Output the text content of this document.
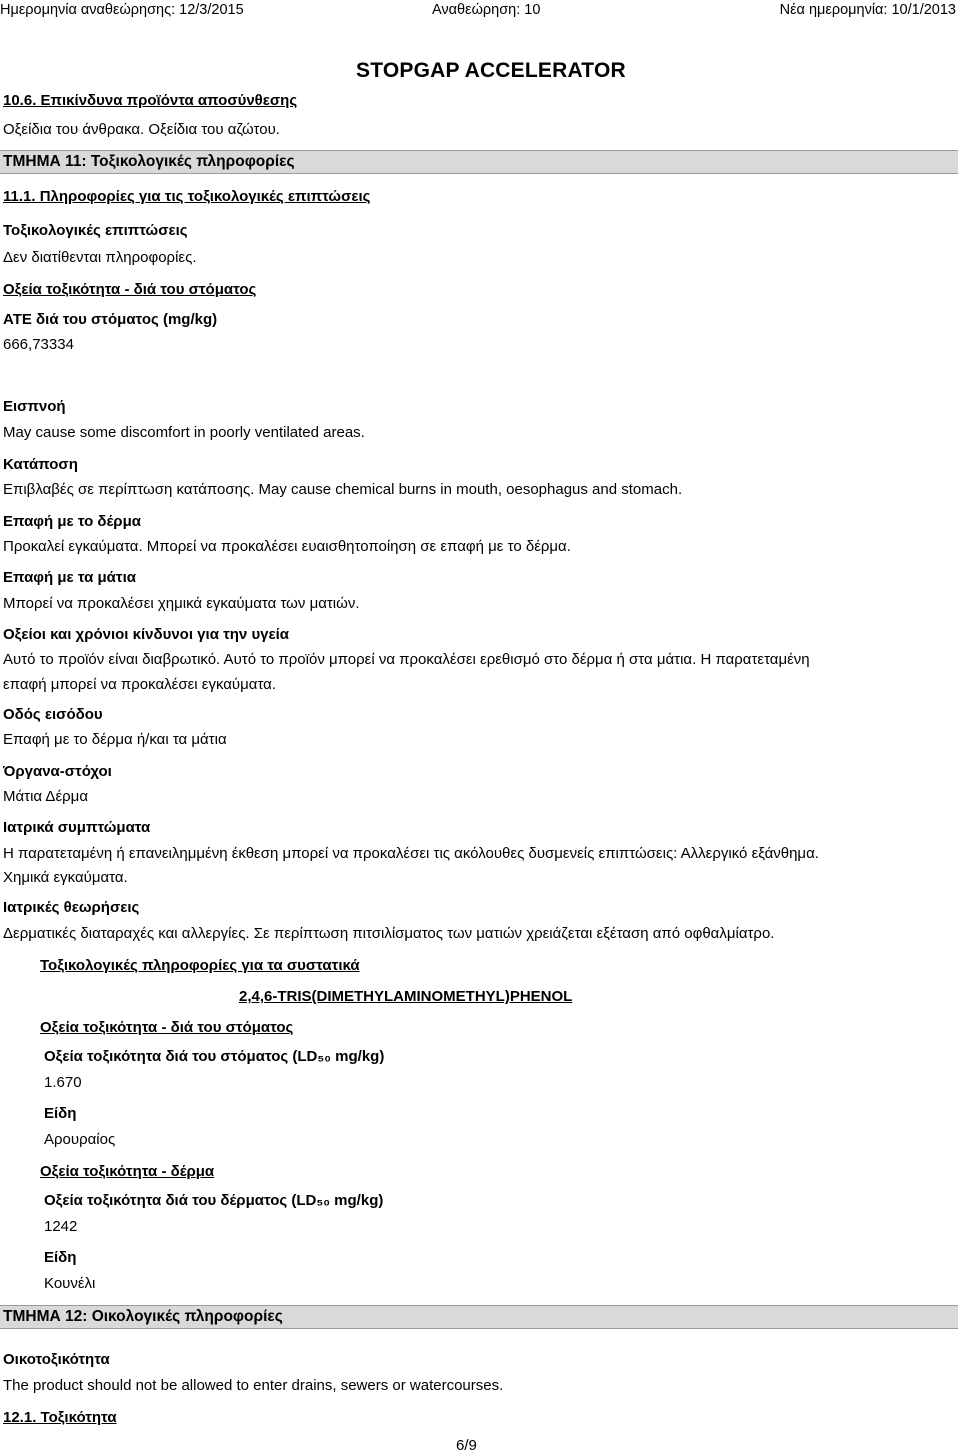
Ημερομηνία αναθεώρησης: 12/3/2015	Αναθεώρηση: 10	Νέα ημερομηνία: 10/1/2013
STOPGAP ACCELERATOR
10.6. Επικίνδυνα προϊόντα αποσύνθεσης
Οξείδια του άνθρακα. Οξείδια του αζώτου.
ΤΜΗΜΑ 11: Τοξικολογικές πληροφορίες
11.1. Πληροφορίες για τις τοξικολογικές επιπτώσεις
Τοξικολογικές επιπτώσεις
Δεν διατίθενται πληροφορίες.
Οξεία τοξικότητα - διά του στόματος
ATE διά του στόματος (mg/kg)
666,73334
Εισπνοή
May cause some discomfort in poorly ventilated areas.
Κατάποση
Επιβλαβές σε περίπτωση κατάποσης. May cause chemical burns in mouth, oesophagus and stomach.
Επαφή με το δέρμα
Προκαλεί εγκαύματα. Μπορεί να προκαλέσει ευαισθητοποίηση σε επαφή με το δέρμα.
Επαφή με τα μάτια
Μπορεί να προκαλέσει χημικά εγκαύματα των ματιών.
Οξείοι και χρόνιοι κίνδυνοι για την υγεία
Αυτό το προϊόν είναι διαβρωτικό. Αυτό το προϊόν μπορεί να προκαλέσει ερεθισμό στο δέρμα ή στα μάτια. Η παρατεταμένη
επαφή μπορεί να προκαλέσει εγκαύματα.
Οδός εισόδου
Επαφή με το δέρμα ή/και τα μάτια
Όργανα-στόχοι
Μάτια Δέρμα
Ιατρικά συμπτώματα
Η παρατεταμένη ή επανειλημμένη έκθεση μπορεί να προκαλέσει τις ακόλουθες δυσμενείς επιπτώσεις: Αλλεργικό εξάνθημα.
Χημικά εγκαύματα.
Ιατρικές θεωρήσεις
Δερματικές διαταραχές και αλλεργίες. Σε περίπτωση πιτσιλίσματος των ματιών χρειάζεται εξέταση από οφθαλμίατρο.
Τοξικολογικές πληροφορίες για τα συστατικά
2,4,6-TRIS(DIMETHYLAMINOMETHYL)PHENOL
Οξεία τοξικότητα - διά του στόματος
Οξεία τοξικότητα διά του στόματος (LD₅₀ mg/kg)
1.670
Είδη
Αρουραίος
Οξεία τοξικότητα - δέρμα
Οξεία τοξικότητα διά του δέρματος (LD₅₀ mg/kg)
1242
Είδη
Κουνέλι
ΤΜΗΜΑ 12: Οικολογικές πληροφορίες
Οικοτοξικότητα
The product should not be allowed to enter drains, sewers or watercourses.
12.1. Τοξικότητα
6/9
